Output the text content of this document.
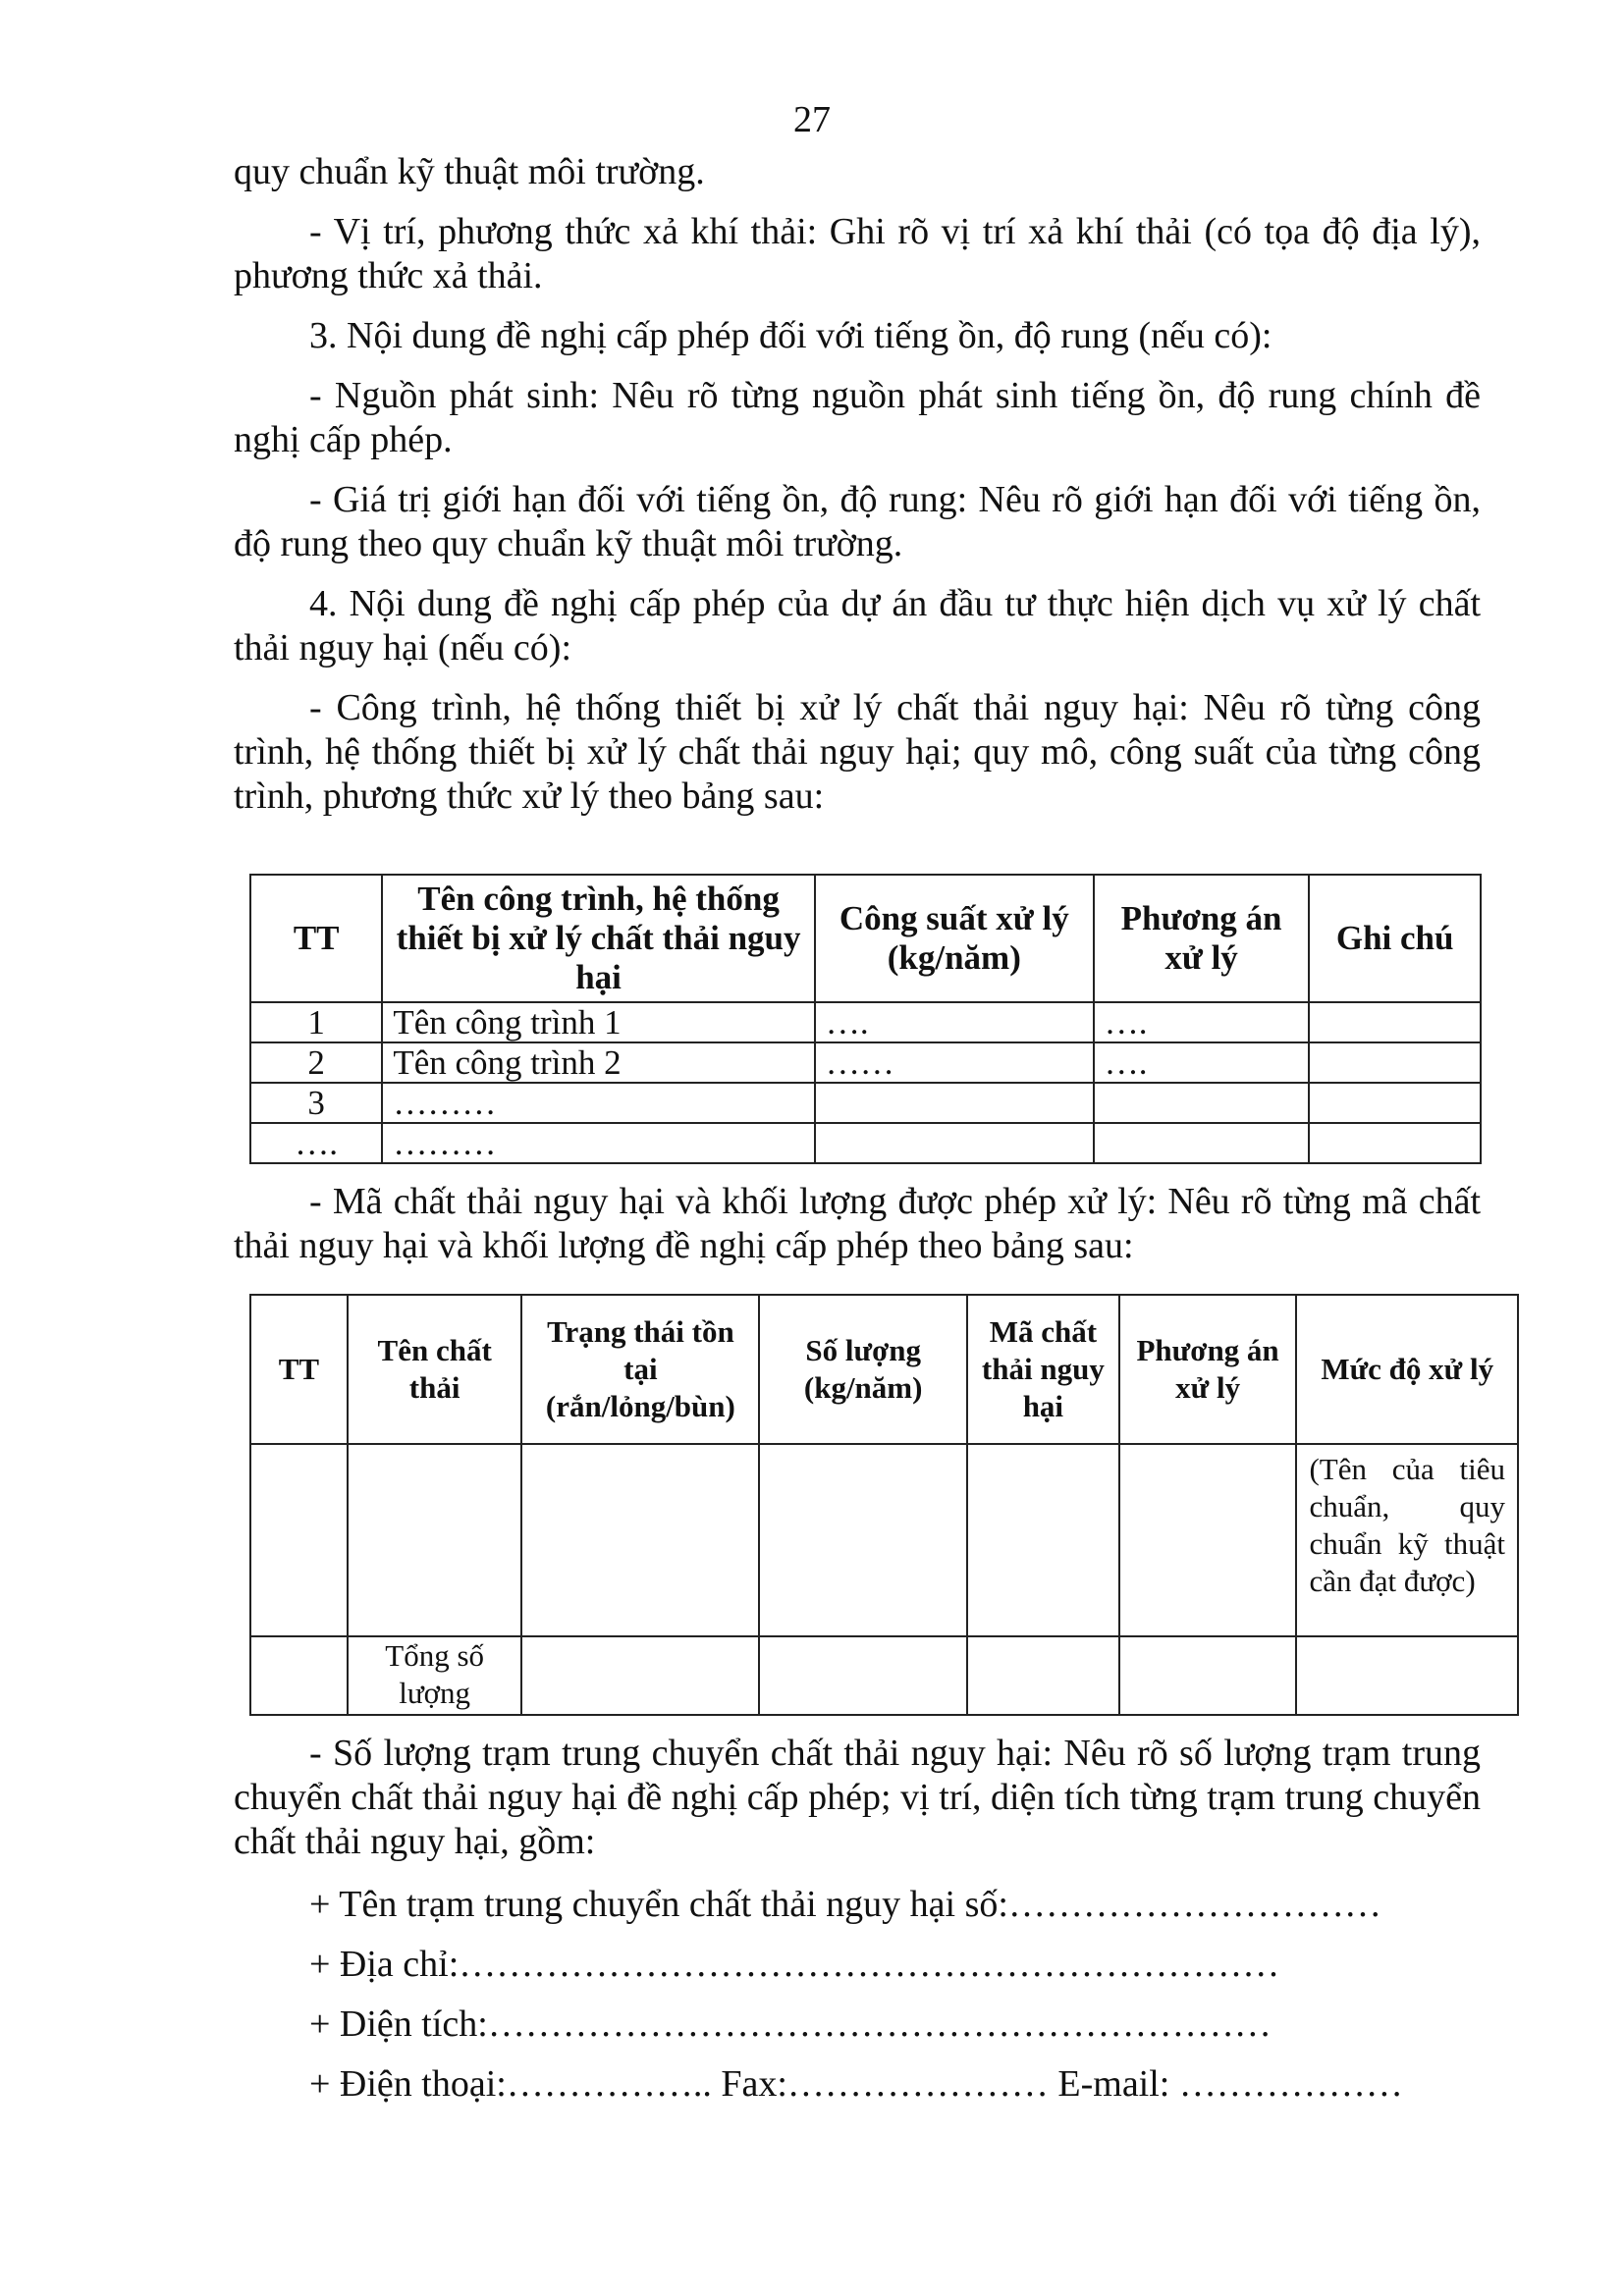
27

quy chuẩn kỹ thuật môi trường.

- Vị trí, phương thức xả khí thải: Ghi rõ vị trí xả khí thải (có tọa độ địa lý), phương thức xả thải.

3. Nội dung đề nghị cấp phép đối với tiếng ồn, độ rung (nếu có):

- Nguồn phát sinh: Nêu rõ từng nguồn phát sinh tiếng ồn, độ rung chính đề nghị cấp phép.

- Giá trị giới hạn đối với tiếng ồn, độ rung: Nêu rõ giới hạn đối với tiếng ồn, độ rung theo quy chuẩn kỹ thuật môi trường.

4. Nội dung đề nghị cấp phép của dự án đầu tư thực hiện dịch vụ xử lý chất thải nguy hại (nếu có):

- Công trình, hệ thống thiết bị xử lý chất thải nguy hại: Nêu rõ từng công trình, hệ thống thiết bị xử lý chất thải nguy hại; quy mô, công suất của từng công trình, phương thức xử lý theo bảng sau:

TT	Tên công trình, hệ thống thiết bị xử lý chất thải nguy hại	Công suất xử lý (kg/năm)	Phương án xử lý	Ghi chú
1	Tên công trình 1	….	….	
2	Tên công trình 2	……	….	
3	………			
….	………			

- Mã chất thải nguy hại và khối lượng được phép xử lý: Nêu rõ từng mã chất thải nguy hại và khối lượng đề nghị cấp phép theo bảng sau:

TT	Tên chất thải	Trạng thái tồn tại (rắn/lỏng/bùn)	Số lượng (kg/năm)	Mã chất thải nguy hại	Phương án xử lý	Mức độ xử lý
						(Tên của tiêu chuẩn, quy chuẩn kỹ thuật cần đạt được)
	Tổng số lượng					

- Số lượng trạm trung chuyển chất thải nguy hại: Nêu rõ số lượng trạm trung chuyển chất thải nguy hại đề nghị cấp phép; vị trí, diện tích từng trạm trung chuyển chất thải nguy hại, gồm:

+ Tên trạm trung chuyển chất thải nguy hại số:…………………………
+ Địa chỉ:…………………………………………………………
+ Diện tích:………………………………………………………
+ Điện thoại:…………….. Fax:………………… E-mail: ………………
